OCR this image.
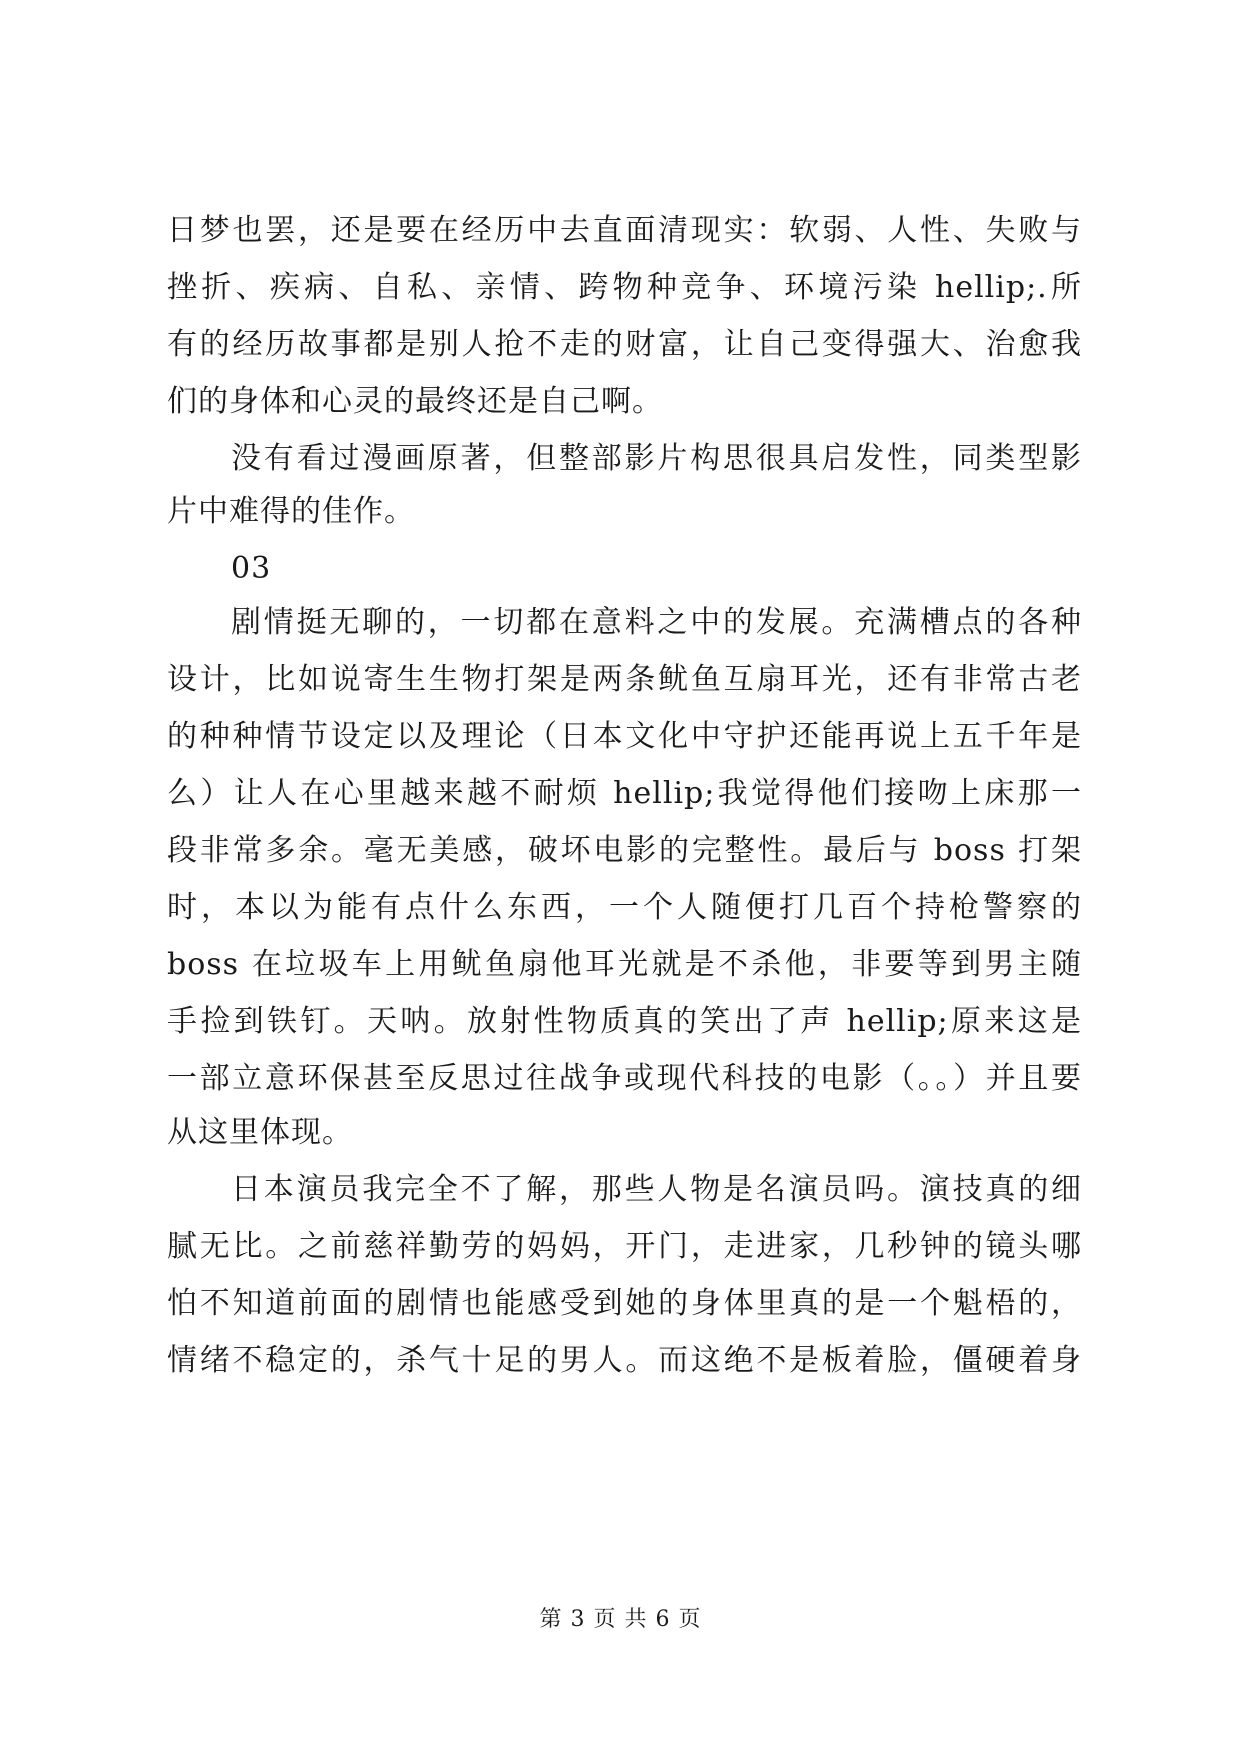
日梦也罢，还是要在经历中去直面清现实：软弱、人性、失败与
挫折、疾病、自私、亲情、跨物种竞争、环境污染 hellip;.所
有的经历故事都是别人抢不走的财富，让自己变得强大、治愈我
们的身体和心灵的最终还是自己啊。
没有看过漫画原著，但整部影片构思很具启发性，同类型影
片中难得的佳作。
03
剧情挺无聊的，一切都在意料之中的发展。充满槽点的各种
设计，比如说寄生生物打架是两条鱿鱼互扇耳光，还有非常古老
的种种情节设定以及理论（日本文化中守护还能再说上五千年是
么）让人在心里越来越不耐烦 hellip;我觉得他们接吻上床那一
段非常多余。毫无美感，破坏电影的完整性。最后与 boss 打架
时，本以为能有点什么东西，一个人随便打几百个持枪警察的
boss 在垃圾车上用鱿鱼扇他耳光就是不杀他，非要等到男主随
手捡到铁钉。天呐。放射性物质真的笑出了声 hellip;原来这是
一部立意环保甚至反思过往战争或现代科技的电影（。。）并且要
从这里体现。
日本演员我完全不了解，那些人物是名演员吗。演技真的细
腻无比。之前慈祥勤劳的妈妈，开门，走进家，几秒钟的镜头哪
怕不知道前面的剧情也能感受到她的身体里真的是一个魁梧的，
情绪不稳定的，杀气十足的男人。而这绝不是板着脸，僵硬着身
第 3 页 共 6 页
